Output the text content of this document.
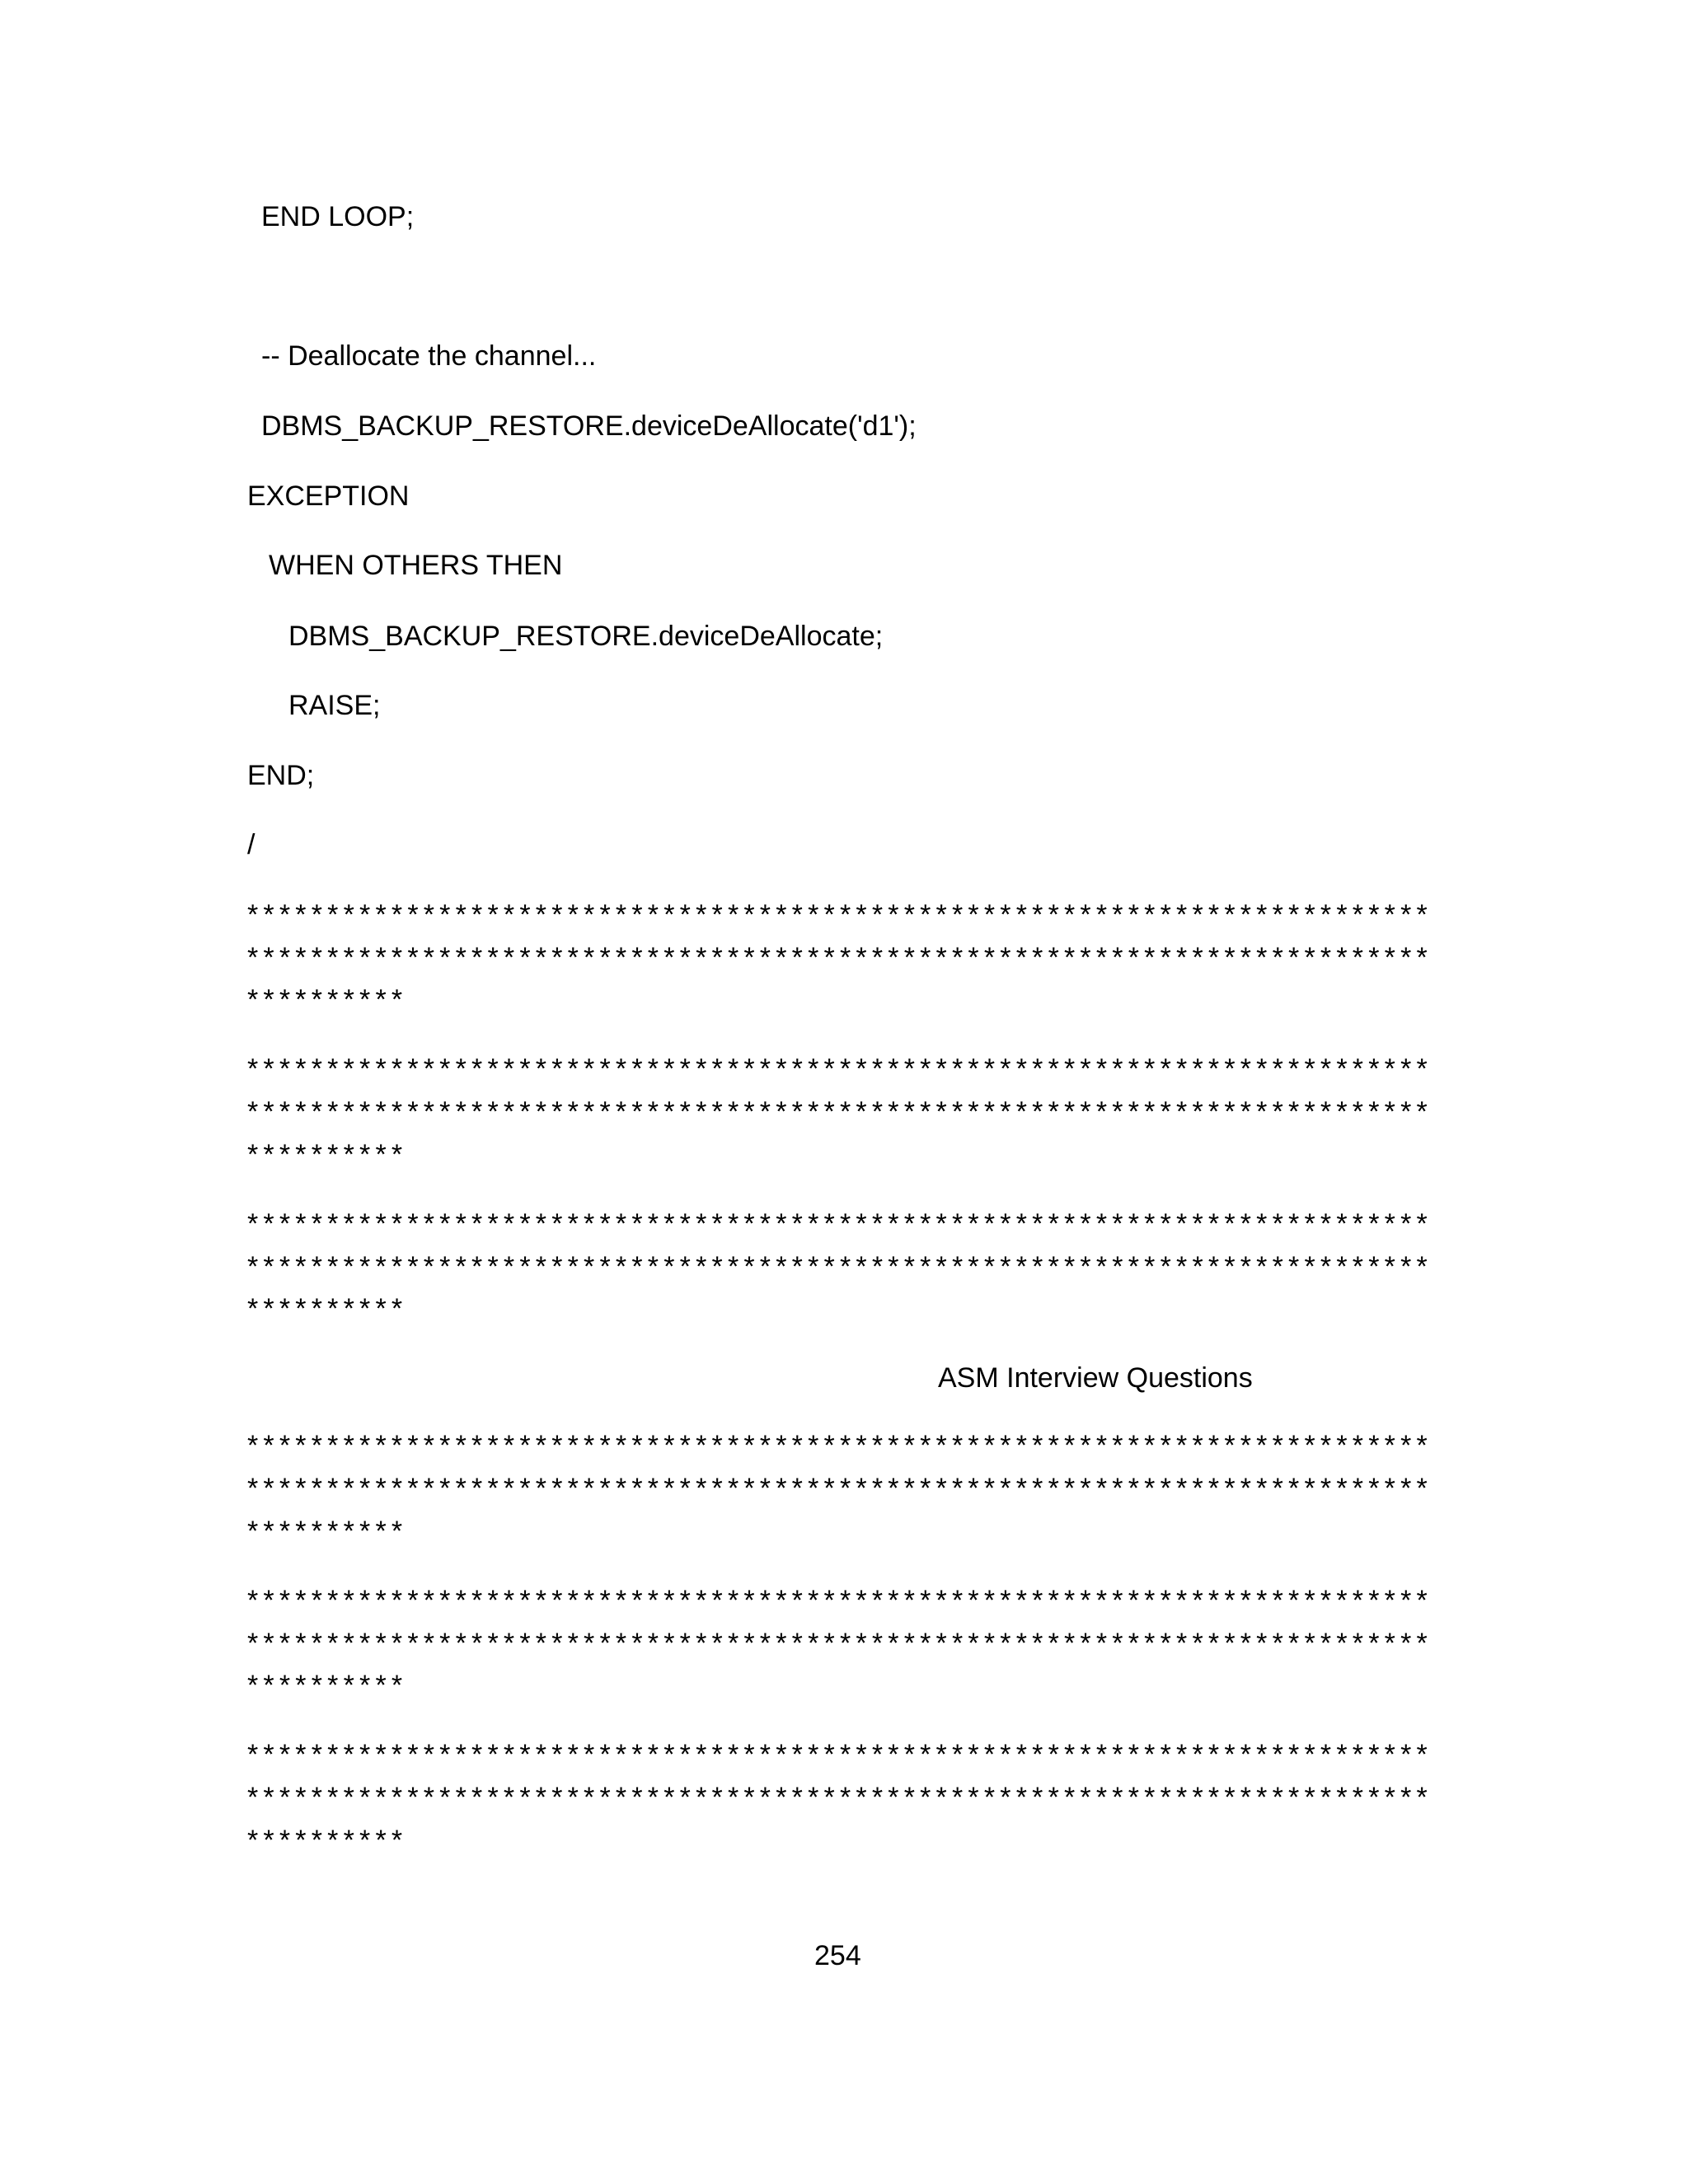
END LOOP;

-- Deallocate the channel...

DBMS_BACKUP_RESTORE.deviceDeAllocate('d1');

EXCEPTION

WHEN OTHERS THEN

DBMS_BACKUP_RESTORE.deviceDeAllocate;

RAISE;

END;

/

**************************************************************************

**************************************************************************

**********

**************************************************************************

**************************************************************************

**********

**************************************************************************

**************************************************************************

**********

ASM Interview Questions

**************************************************************************

**************************************************************************

**********

**************************************************************************

**************************************************************************

**********

**************************************************************************

**************************************************************************

**********

254
